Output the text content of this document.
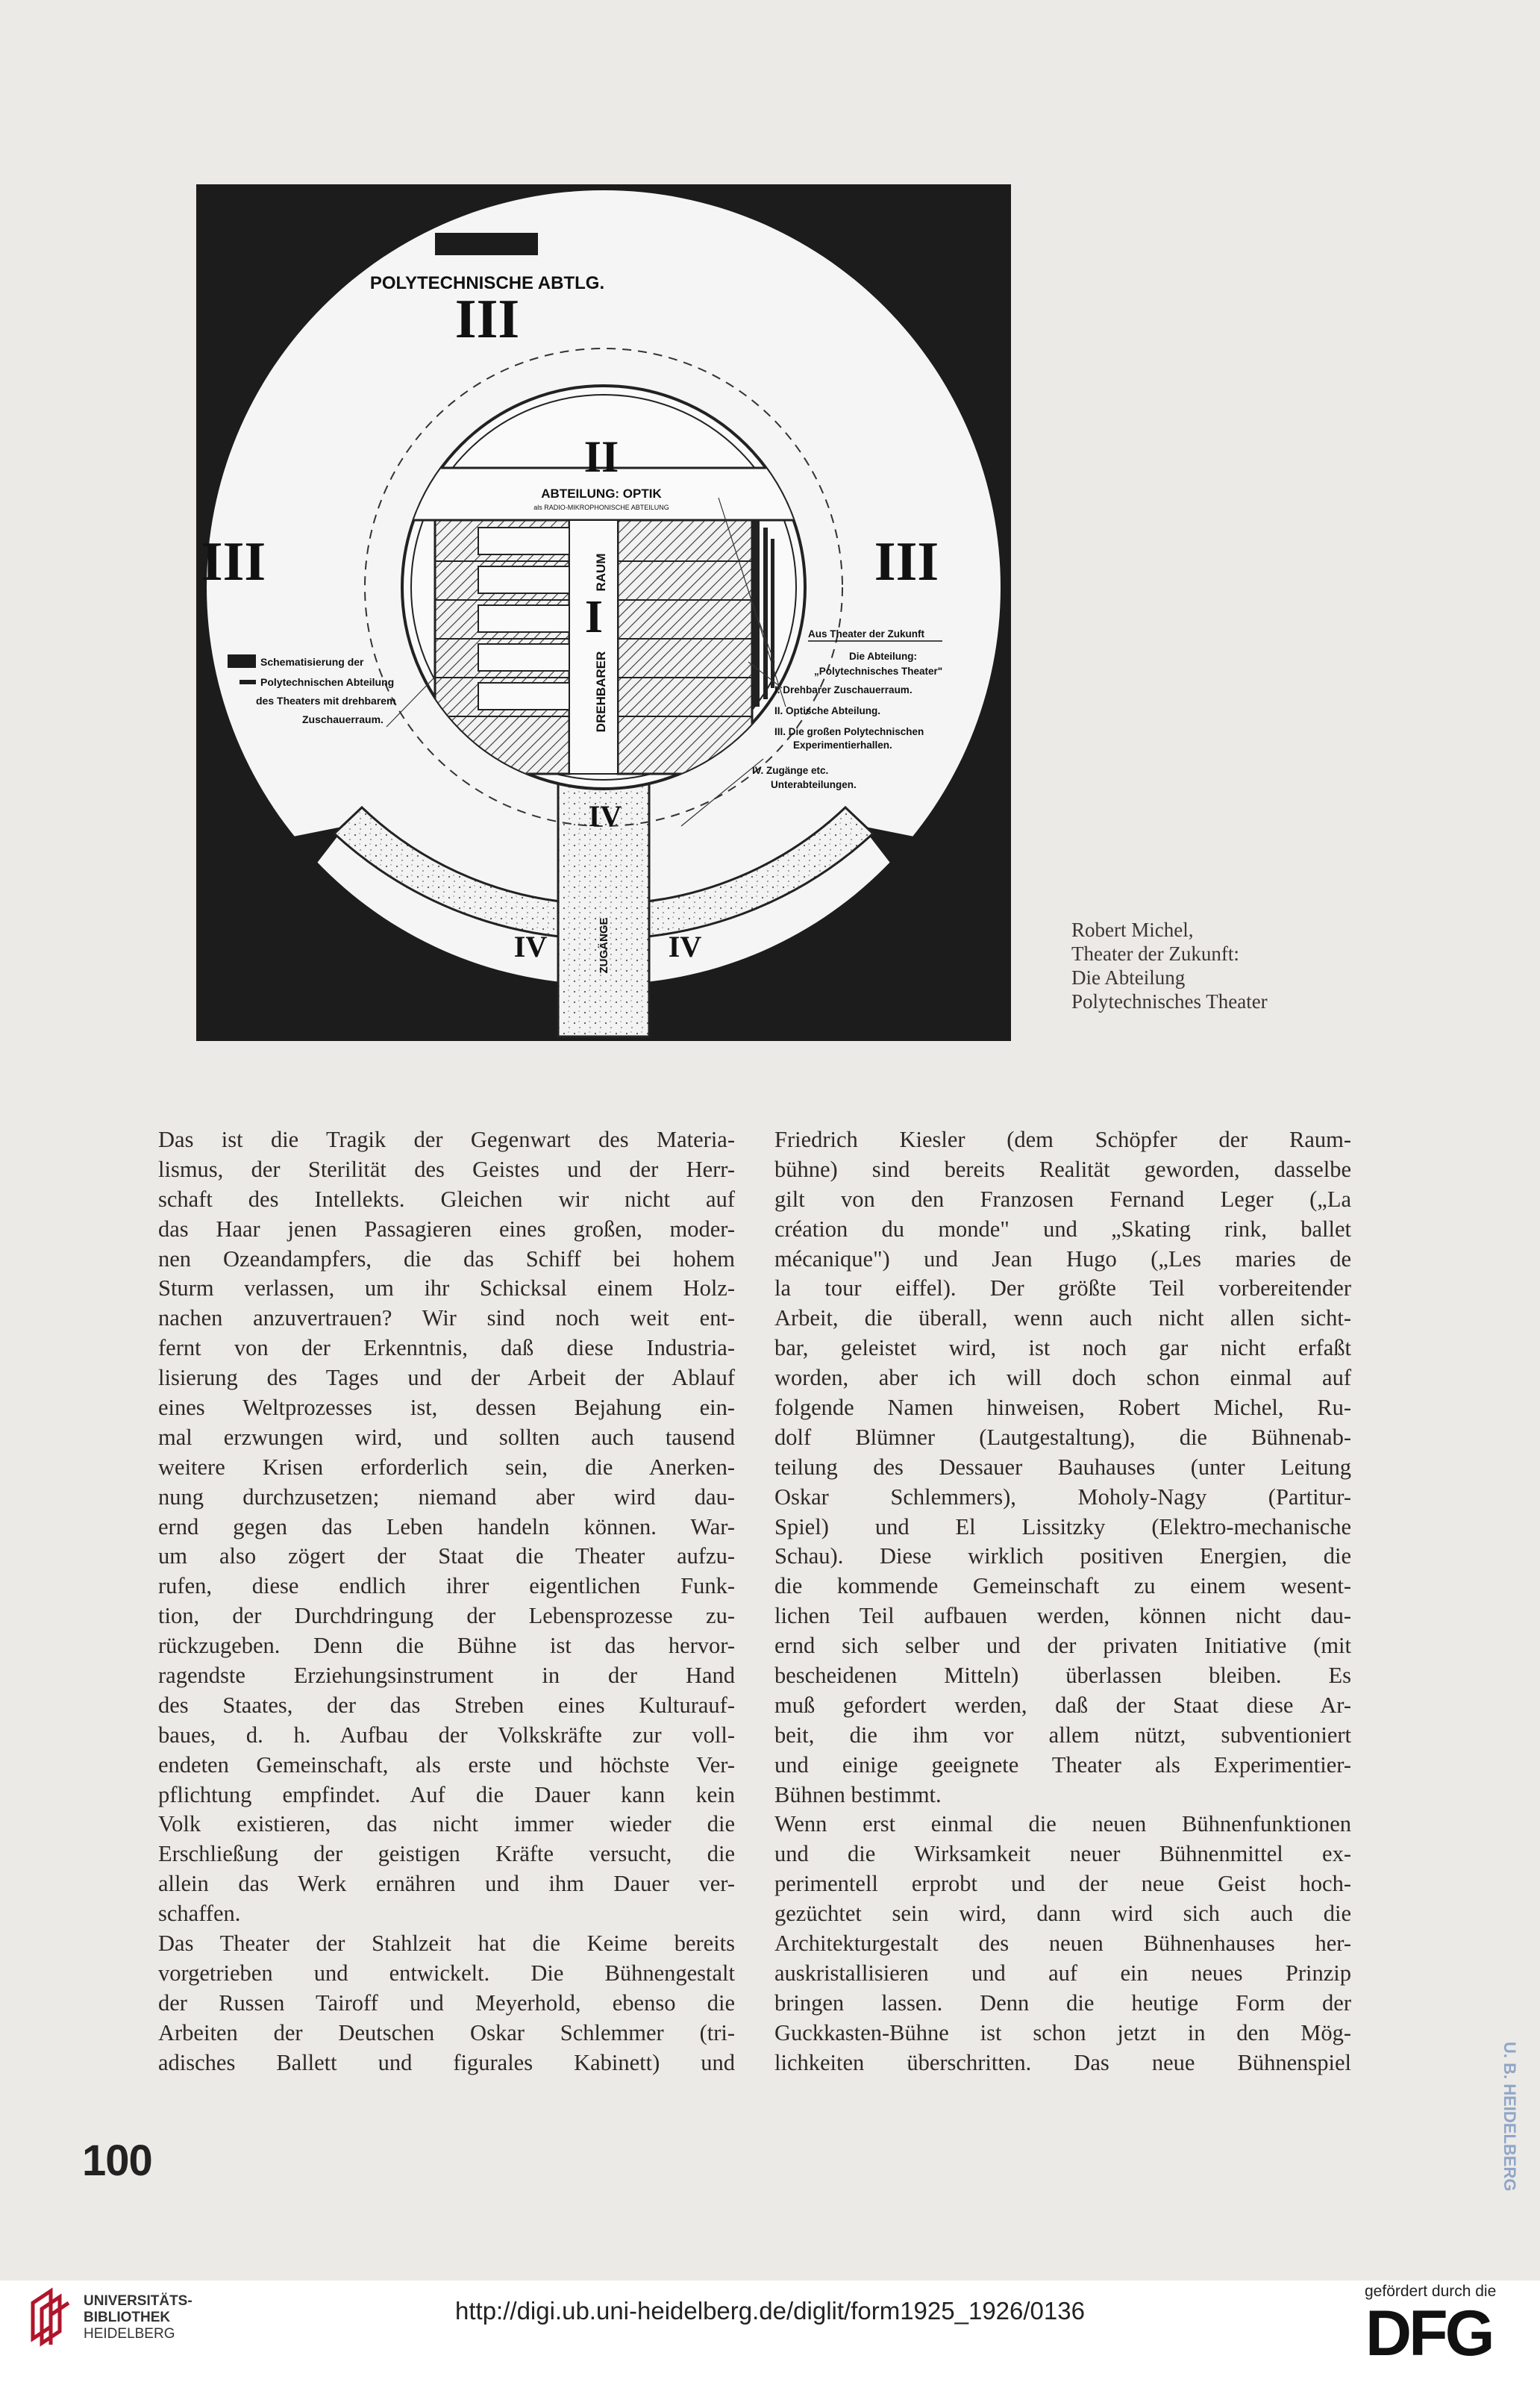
POLYTECHNISCHE ABTLG.
III
III	III
II
ABTEILUNG: OPTIK
als RADIO-MIKROPHONISCHE ABTEILUNG
I
IV
IV	IV
RAUM
DREHBARER
ZUGÄNGE
Schematisierung der
Polytechnischen Abteilung
des Theaters mit drehbarem
Zuschauerraum.
Aus Theater der Zukunft
Die Abteilung:
„Polytechnisches Theater"
I. Drehbarer Zuschauerraum.
II. Optische Abteilung.
III. Die großen Polytechnischen
Experimentierhallen.
IV. Zugänge etc.
Unterabteilungen.
Robert Michel,
Theater der Zukunft:
Die Abteilung
Polytechnisches Theater
Das ist die Tragik der Gegenwart des Materia-
lismus, der Sterilität des Geistes und der Herr-
schaft des Intellekts. Gleichen wir nicht auf
das Haar jenen Passagieren eines großen, moder-
nen Ozeandampfers, die das Schiff bei hohem
Sturm verlassen, um ihr Schicksal einem Holz-
nachen anzuvertrauen? Wir sind noch weit ent-
fernt von der Erkenntnis, daß diese Industria-
lisierung des Tages und der Arbeit der Ablauf
eines Weltprozesses ist, dessen Bejahung ein-
mal erzwungen wird, und sollten auch tausend
weitere Krisen erforderlich sein, die Anerken-
nung durchzusetzen; niemand aber wird dau-
ernd gegen das Leben handeln können. War-
um also zögert der Staat die Theater aufzu-
rufen, diese endlich ihrer eigentlichen Funk-
tion, der Durchdringung der Lebensprozesse zu-
rückzugeben. Denn die Bühne ist das hervor-
ragendste Erziehungsinstrument in der Hand
des Staates, der das Streben eines Kulturauf-
baues, d. h. Aufbau der Volkskräfte zur voll-
endeten Gemeinschaft, als erste und höchste Ver-
pflichtung empfindet. Auf die Dauer kann kein
Volk existieren, das nicht immer wieder die
Erschließung der geistigen Kräfte versucht, die
allein das Werk ernähren und ihm Dauer ver-
schaffen.
Das Theater der Stahlzeit hat die Keime bereits
vorgetrieben und entwickelt. Die Bühnengestalt
der Russen Tairoff und Meyerhold, ebenso die
Arbeiten der Deutschen Oskar Schlemmer (tri-
adisches Ballett und figurales Kabinett) und
Friedrich Kiesler (dem Schöpfer der Raum-
bühne) sind bereits Realität geworden, dasselbe
gilt von den Franzosen Fernand Leger („La
création du monde" und „Skating rink, ballet
mécanique") und Jean Hugo („Les maries de
la tour eiffel). Der größte Teil vorbereitender
Arbeit, die überall, wenn auch nicht allen sicht-
bar, geleistet wird, ist noch gar nicht erfaßt
worden, aber ich will doch schon einmal auf
folgende Namen hinweisen, Robert Michel, Ru-
dolf Blümner (Lautgestaltung), die Bühnenab-
teilung des Dessauer Bauhauses (unter Leitung
Oskar Schlemmers), Moholy-Nagy (Partitur-
Spiel) und El Lissitzky (Elektro-mechanische
Schau). Diese wirklich positiven Energien, die
die kommende Gemeinschaft zu einem wesent-
lichen Teil aufbauen werden, können nicht dau-
ernd sich selber und der privaten Initiative (mit
bescheidenen Mitteln) überlassen bleiben. Es
muß gefordert werden, daß der Staat diese Ar-
beit, die ihm vor allem nützt, subventioniert
und einige geeignete Theater als Experimentier-
Bühnen bestimmt.
Wenn erst einmal die neuen Bühnenfunktionen
und die Wirksamkeit neuer Bühnenmittel ex-
perimentell erprobt und der neue Geist hoch-
gezüchtet sein wird, dann wird sich auch die
Architekturgestalt des neuen Bühnenhauses her-
auskristallisieren und auf ein neues Prinzip
bringen lassen. Denn die heutige Form der
Guckkasten-Bühne ist schon jetzt in den Mög-
lichkeiten überschritten. Das neue Bühnenspiel
100	U. B. HEIDELBERG
UNIVERSITÄTS-
BIBLIOTHEK
HEIDELBERG
http://digi.ub.uni-heidelberg.de/diglit/form1925_1926/0136
gefördert durch die
DFG
